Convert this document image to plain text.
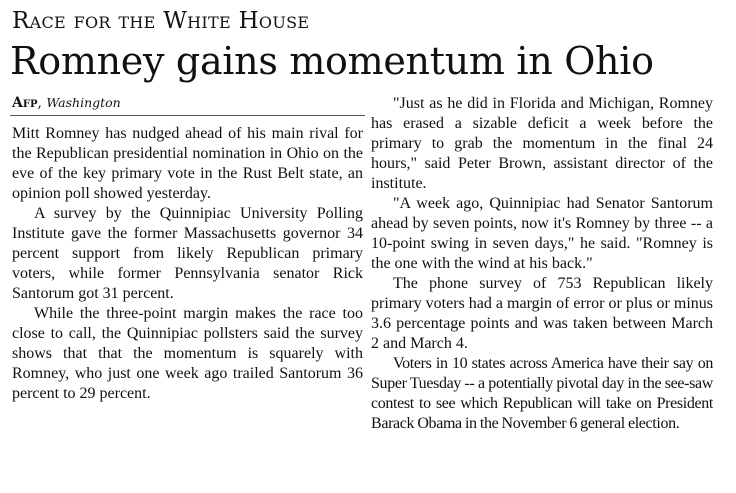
Race for the White House
Romney gains momentum in Ohio
Afp, Washington

Mitt Romney has nudged ahead of his main rival for the Republican presidential nomination in Ohio on the eve of the key primary vote in the Rust Belt state, an opinion poll showed yesterday.

A survey by the Quinnipiac University Polling Institute gave the former Massachusetts governor 34 percent support from likely Republican primary voters, while former Pennsylvania senator Rick Santorum got 31 percent.

While the three-point margin makes the race too close to call, the Quinnipiac pollsters said the survey shows that that the momentum is squarely with Romney, who just one week ago trailed Santorum 36 percent to 29 percent.

"Just as he did in Florida and Michigan, Romney has erased a sizable deficit a week before the primary to grab the momentum in the final 24 hours," said Peter Brown, assistant director of the institute.

"A week ago, Quinnipiac had Senator Santorum ahead by seven points, now it's Romney by three -- a 10-point swing in seven days," he said. "Romney is the one with the wind at his back."

The phone survey of 753 Republican likely primary voters had a margin of error or plus or minus 3.6 percentage points and was taken between March 2 and March 4.

Voters in 10 states across America have their say on Super Tuesday -- a potentially pivotal day in the see-saw contest to see which Republican will take on President Barack Obama in the November 6 general election.
